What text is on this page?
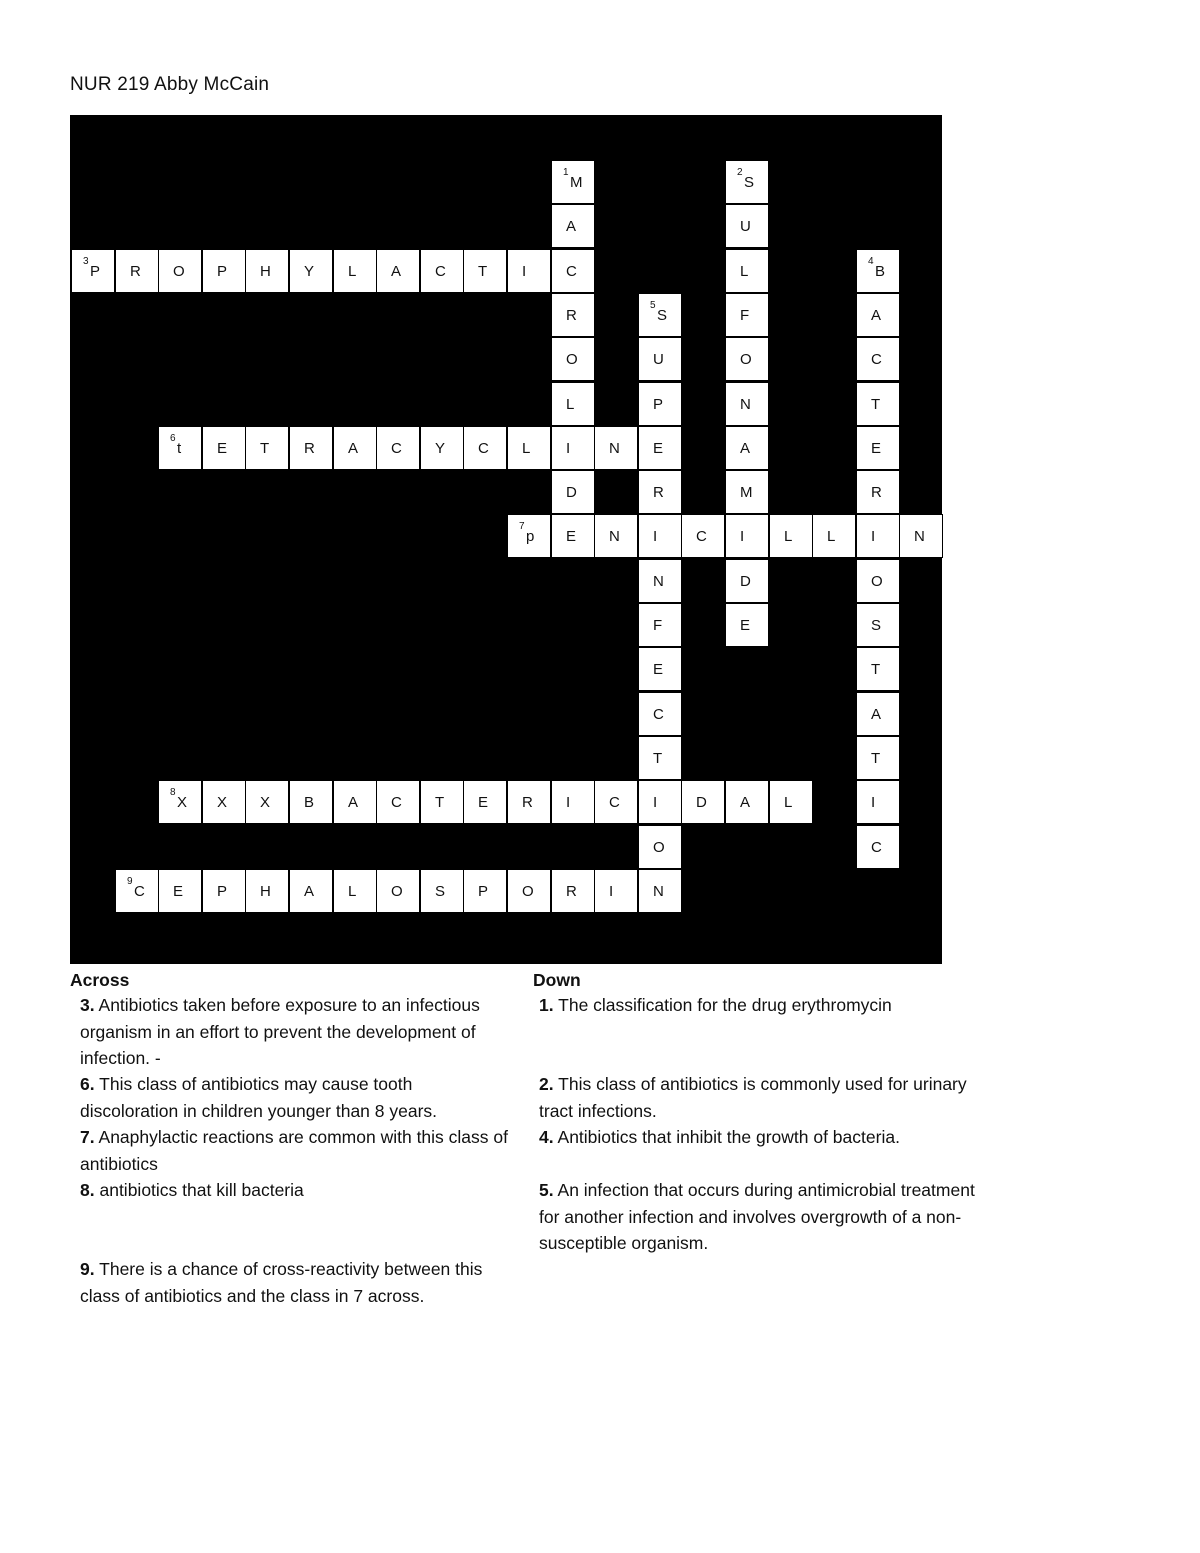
NUR 219 Abby McCain
1
M
2
S
A	U
3
P R O P H Y L A C T I	C	L
4
B
R
5
S	F	A
O	U	O	C
L	P	N	T
6
t E T R A C Y C L I	N E	A	E
D	R	M	R
7
p E N I	C I	L L I	N
N	D	O
F	E	S
E	T
C	A
T	T
8
X X X B A C T E R I	C I	D A L	I
O	C
9
C E P H A L O S P O R I	N
Across

3. Antibiotics taken before exposure to an infectious organism in an effort to prevent the development of infection. -

6. This class of antibiotics may cause tooth discoloration in children younger than 8 years.

7. Anaphylactic reactions are common with this class of antibiotics

8. antibiotics that kill bacteria

9. There is a chance of cross-reactivity between this class of antibiotics and the class in 7 across.

Down

1. The classification for the drug erythromycin

2. This class of antibiotics is commonly used for urinary tract infections.

4. Antibiotics that inhibit the growth of bacteria.

5. An infection that occurs during antimicrobial treatment for another infection and involves overgrowth of a non-susceptible organism.
